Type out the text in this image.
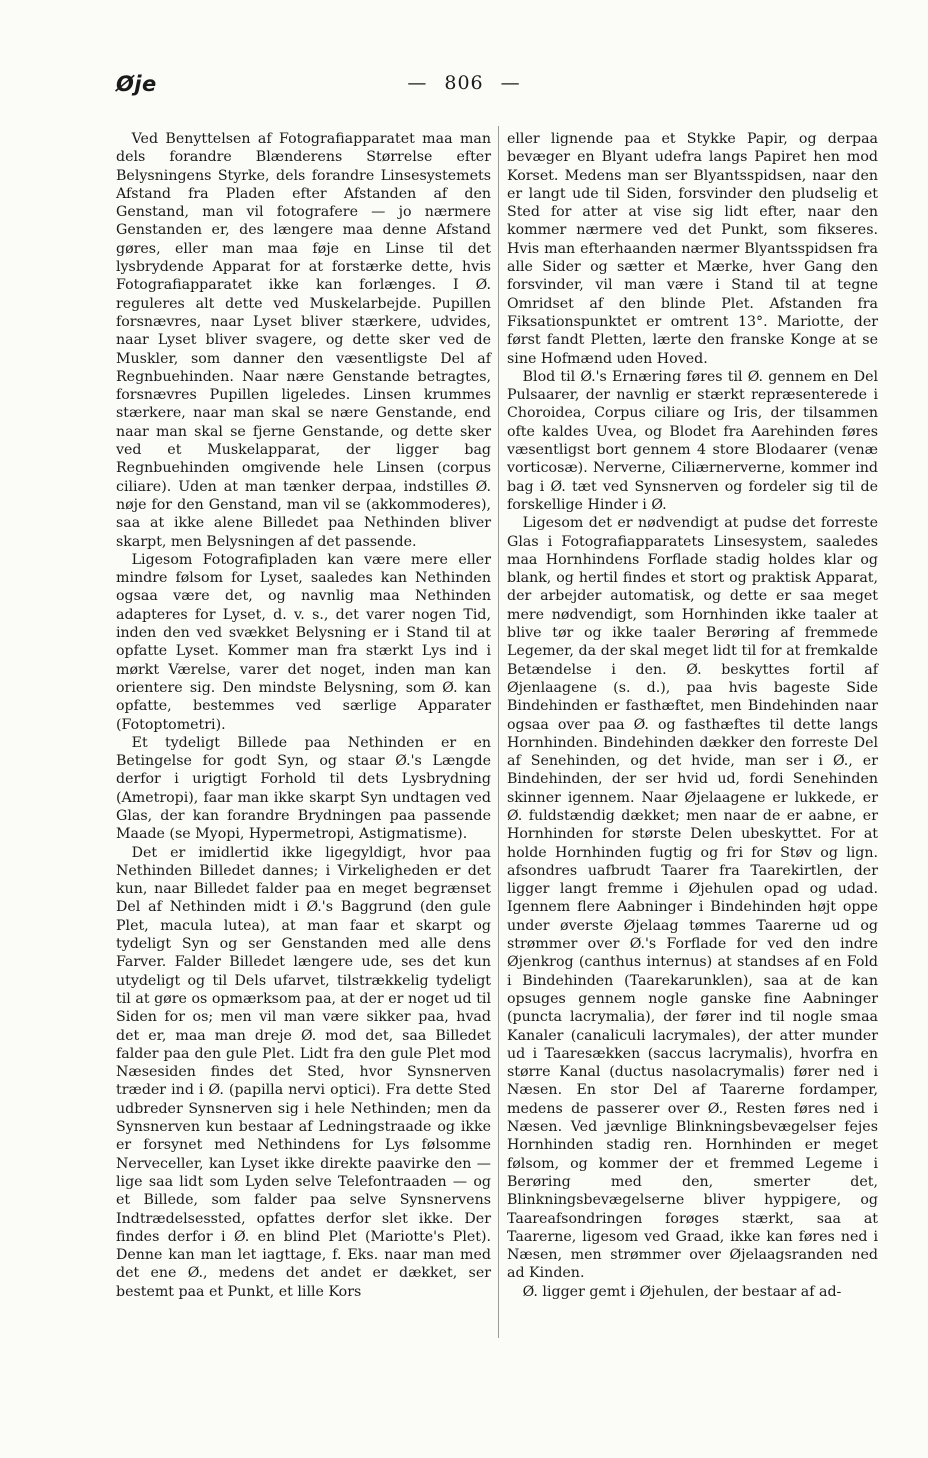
Øje	— 806 —

Ved Benyttelsen af Fotografiapparatet maa man dels forandre Blænderens Størrelse efter Belysningens Styrke, dels forandre Linsesystemets Afstand fra Pladen efter Afstanden af den Genstand, man vil fotografere — jo nærmere Genstanden er, des længere maa denne Afstand gøres, eller man maa føje en Linse til det lysbrydende Apparat for at forstærke dette, hvis Fotografiapparatet ikke kan forlænges. I Ø. reguleres alt dette ved Muskelarbejde. Pupillen forsnævres, naar Lyset bliver stærkere, udvides, naar Lyset bliver svagere, og dette sker ved de Muskler, som danner den væsentligste Del af Regnbuehinden. Naar nære Genstande betragtes, forsnævres Pupillen ligeledes. Linsen krummes stærkere, naar man skal se nære Genstande, end naar man skal se fjerne Genstande, og dette sker ved et Muskelapparat, der ligger bag Regnbuehinden omgivende hele Linsen (corpus ciliare). Uden at man tænker derpaa, indstilles Ø. nøje for den Genstand, man vil se (akkommoderes), saa at ikke alene Billedet paa Nethinden bliver skarpt, men Belysningen af det passende.

Ligesom Fotografipladen kan være mere eller mindre følsom for Lyset, saaledes kan Nethinden ogsaa være det, og navnlig maa Nethinden adapteres for Lyset, d. v. s., det varer nogen Tid, inden den ved svækket Belysning er i Stand til at opfatte Lyset. Kommer man fra stærkt Lys ind i mørkt Værelse, varer det noget, inden man kan orientere sig. Den mindste Belysning, som Ø. kan opfatte, bestemmes ved særlige Apparater (Fotoptometri).

Et tydeligt Billede paa Nethinden er en Betingelse for godt Syn, og staar Ø.'s Længde derfor i urigtigt Forhold til dets Lysbrydning (Ametropi), faar man ikke skarpt Syn undtagen ved Glas, der kan forandre Brydningen paa passende Maade (se Myopi, Hypermetropi, Astigmatisme).

Det er imidlertid ikke ligegyldigt, hvor paa Nethinden Billedet dannes; i Virkeligheden er det kun, naar Billedet falder paa en meget begrænset Del af Nethinden midt i Ø.'s Baggrund (den gule Plet, macula lutea), at man faar et skarpt og tydeligt Syn og ser Genstanden med alle dens Farver. Falder Billedet længere ude, ses det kun utydeligt og til Dels ufarvet, tilstrækkelig tydeligt til at gøre os opmærksom paa, at der er noget ud til Siden for os; men vil man være sikker paa, hvad det er, maa man dreje Ø. mod det, saa Billedet falder paa den gule Plet. Lidt fra den gule Plet mod Næsesiden findes det Sted, hvor Synsnerven træder ind i Ø. (papilla nervi optici). Fra dette Sted udbreder Synsnerven sig i hele Nethinden; men da Synsnerven kun bestaar af Ledningstraade og ikke er forsynet med Nethindens for Lys følsomme Nerveceller, kan Lyset ikke direkte paavirke den — lige saa lidt som Lyden selve Telefontraaden — og et Billede, som falder paa selve Synsnervens Indtrædelsessted, opfattes derfor slet ikke. Der findes derfor i Ø. en blind Plet (Mariotte's Plet). Denne kan man let iagttage, f. Eks. naar man med det ene Ø., medens det andet er dækket, ser bestemt paa et Punkt, et lille Kors

eller lignende paa et Stykke Papir, og derpaa bevæger en Blyant udefra langs Papiret hen mod Korset. Medens man ser Blyantsspidsen, naar den er langt ude til Siden, forsvinder den pludselig et Sted for atter at vise sig lidt efter, naar den kommer nærmere ved det Punkt, som fikseres. Hvis man efterhaanden nærmer Blyantsspidsen fra alle Sider og sætter et Mærke, hver Gang den forsvinder, vil man være i Stand til at tegne Omridset af den blinde Plet. Afstanden fra Fiksationspunktet er omtrent 13°. Mariotte, der først fandt Pletten, lærte den franske Konge at se sine Hofmænd uden Hoved.

Blod til Ø.'s Ernæring føres til Ø. gennem en Del Pulsaarer, der navnlig er stærkt repræsenterede i Choroidea, Corpus ciliare og Iris, der tilsammen ofte kaldes Uvea, og Blodet fra Aarehinden føres væsentligst bort gennem 4 store Blodaarer (venæ vorticosæ). Nerverne, Ciliærnerverne, kommer ind bag i Ø. tæt ved Synsnerven og fordeler sig til de forskellige Hinder i Ø.

Ligesom det er nødvendigt at pudse det forreste Glas i Fotografiapparatets Linsesystem, saaledes maa Hornhindens Forflade stadig holdes klar og blank, og hertil findes et stort og praktisk Apparat, der arbejder automatisk, og dette er saa meget mere nødvendigt, som Hornhinden ikke taaler at blive tør og ikke taaler Berøring af fremmede Legemer, da der skal meget lidt til for at fremkalde Betændelse i den. Ø. beskyttes fortil af Øjenlaagene (s. d.), paa hvis bageste Side Bindehinden er fasthæftet, men Bindehinden naar ogsaa over paa Ø. og fasthæftes til dette langs Hornhinden. Bindehinden dækker den forreste Del af Senehinden, og det hvide, man ser i Ø., er Bindehinden, der ser hvid ud, fordi Senehinden skinner igennem. Naar Øjelaagene er lukkede, er Ø. fuldstændig dækket; men naar de er aabne, er Hornhinden for største Delen ubeskyttet. For at holde Hornhinden fugtig og fri for Støv og lign. afsondres uafbrudt Taarer fra Taarekirtlen, der ligger langt fremme i Øjehulen opad og udad. Igennem flere Aabninger i Bindehinden højt oppe under øverste Øjelaag tømmes Taarerne ud og strømmer over Ø.'s Forflade for ved den indre Øjenkrog (canthus internus) at standses af en Fold i Bindehinden (Taarekarunklen), saa at de kan opsuges gennem nogle ganske fine Aabninger (puncta lacrymalia), der fører ind til nogle smaa Kanaler (canaliculi lacrymales), der atter munder ud i Taaresækken (saccus lacrymalis), hvorfra en større Kanal (ductus nasolacrymalis) fører ned i Næsen. En stor Del af Taarerne fordamper, medens de passerer over Ø., Resten føres ned i Næsen. Ved jævnlige Blinkningsbevægelser fejes Hornhinden stadig ren. Hornhinden er meget følsom, og kommer der et fremmed Legeme i Berøring med den, smerter det, Blinkningsbevægelserne bliver hyppigere, og Taareafsondringen forøges stærkt, saa at Taarerne, ligesom ved Graad, ikke kan føres ned i Næsen, men strømmer over Øjelaagsranden ned ad Kinden.

Ø. ligger gemt i Øjehulen, der bestaar af ad-
